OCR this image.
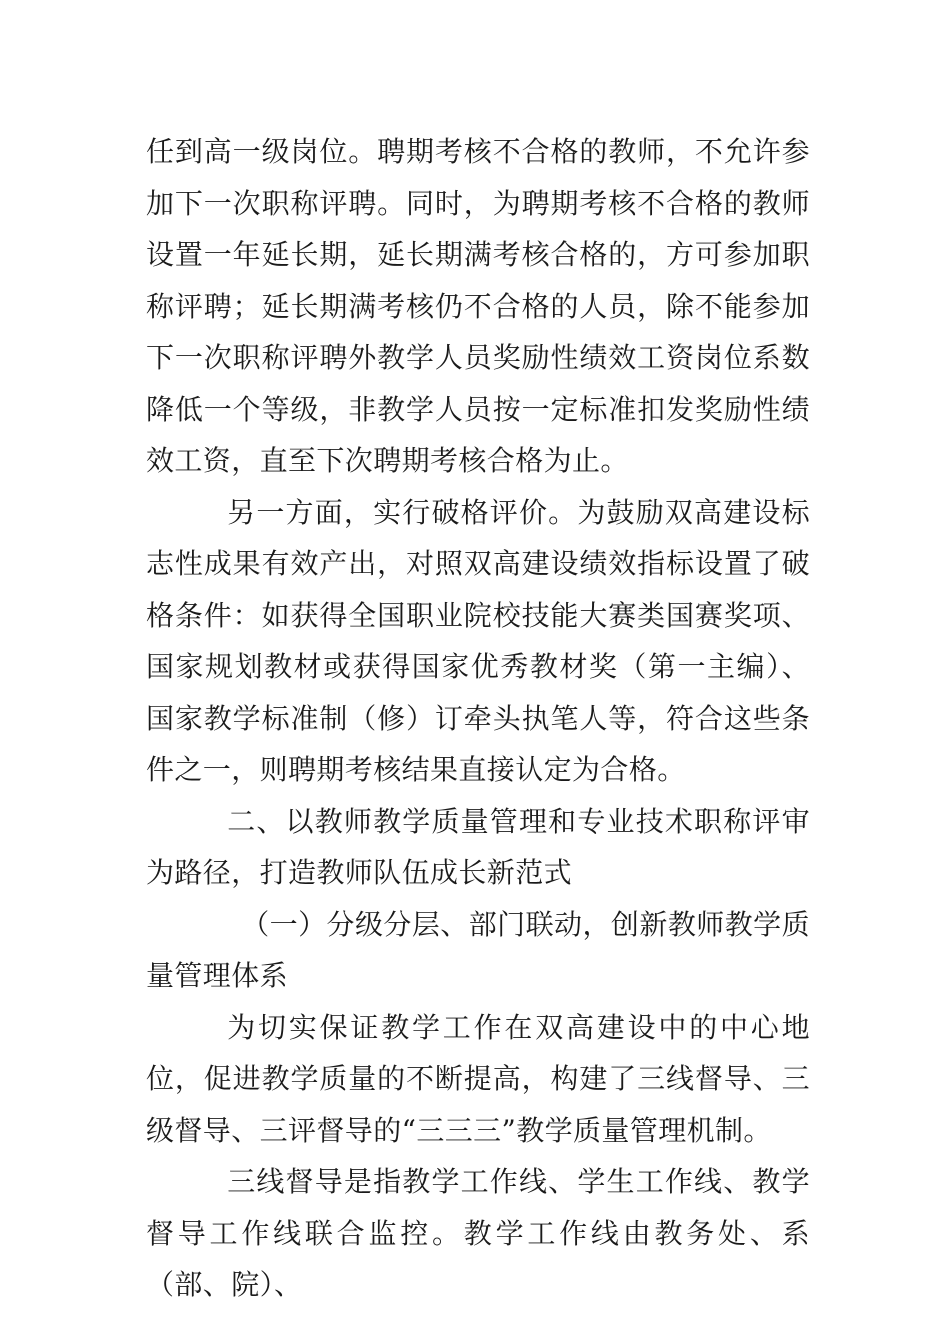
任到高一级岗位。聘期考核不合格的教师，不允许参加下一次职称评聘。同时，为聘期考核不合格的教师设置一年延长期，延长期满考核合格的，方可参加职称评聘；延长期满考核仍不合格的人员，除不能参加下一次职称评聘外教学人员奖励性绩效工资岗位系数降低一个等级，非教学人员按一定标准扣发奖励性绩效工资，直至下次聘期考核合格为止。

另一方面，实行破格评价。为鼓励双高建设标志性成果有效产出，对照双高建设绩效指标设置了破格条件：如获得全国职业院校技能大赛类国赛奖项、国家规划教材或获得国家优秀教材奖（第一主编）、国家教学标准制（修）订牵头执笔人等，符合这些条件之一，则聘期考核结果直接认定为合格。

二、以教师教学质量管理和专业技术职称评审为路径，打造教师队伍成长新范式

（一）分级分层、部门联动，创新教师教学质量管理体系

为切实保证教学工作在双高建设中的中心地位，促进教学质量的不断提高，构建了三线督导、三级督导、三评督导的“三三三”教学质量管理机制。

三线督导是指教学工作线、学生工作线、教学督导工作线联合监控。教学工作线由教务处、系（部、院）、
